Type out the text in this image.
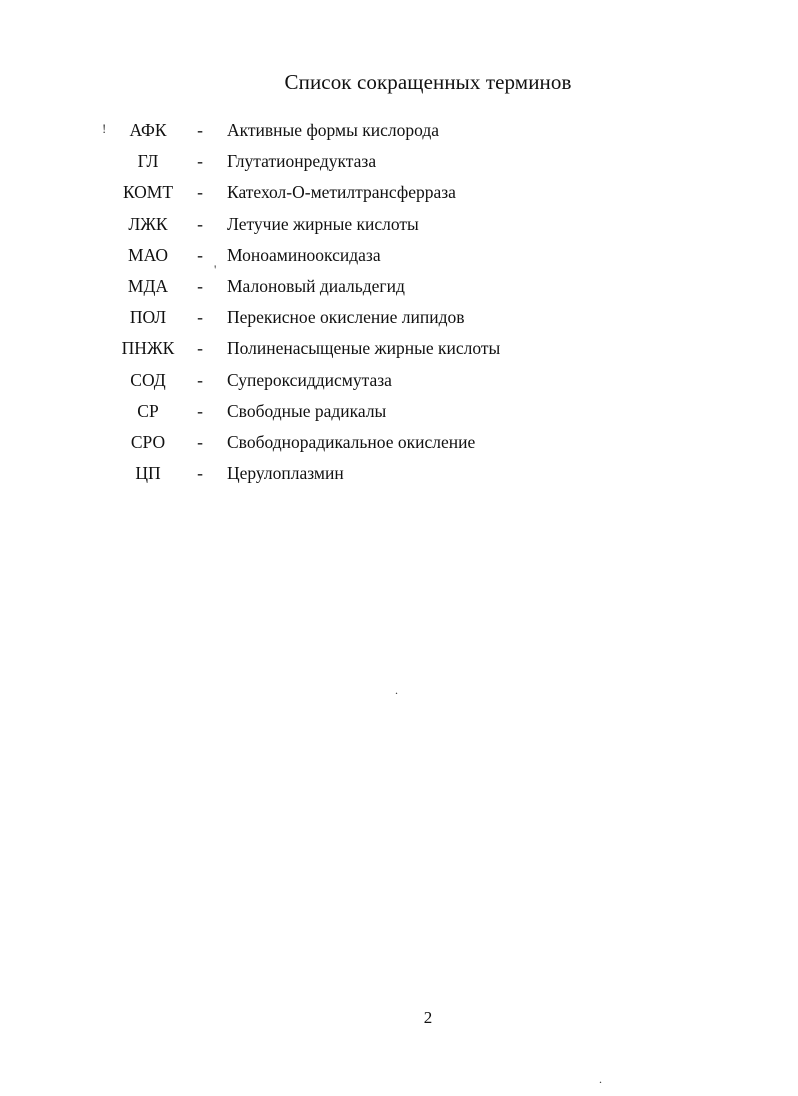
Список сокращенных терминов
!
'
.
.
АФК	- Активные формы кислорода
ГЛ	- Глутатионредуктаза
КОМТ	- Катехол-О-метилтрансферраза
ЛЖК	- Летучие жирные кислоты
МАО	- Моноаминооксидаза
МДА	- Малоновый диальдегид
ПОЛ	- Перекисное окисление липидов
ПНЖК	- Полиненасыщеные жирные кислоты
СОД	- Супероксиддисмутаза
СР	- Свободные радикалы
СРО	- Свободнорадикальное окисление
ЦП	- Церулоплазмин
2
